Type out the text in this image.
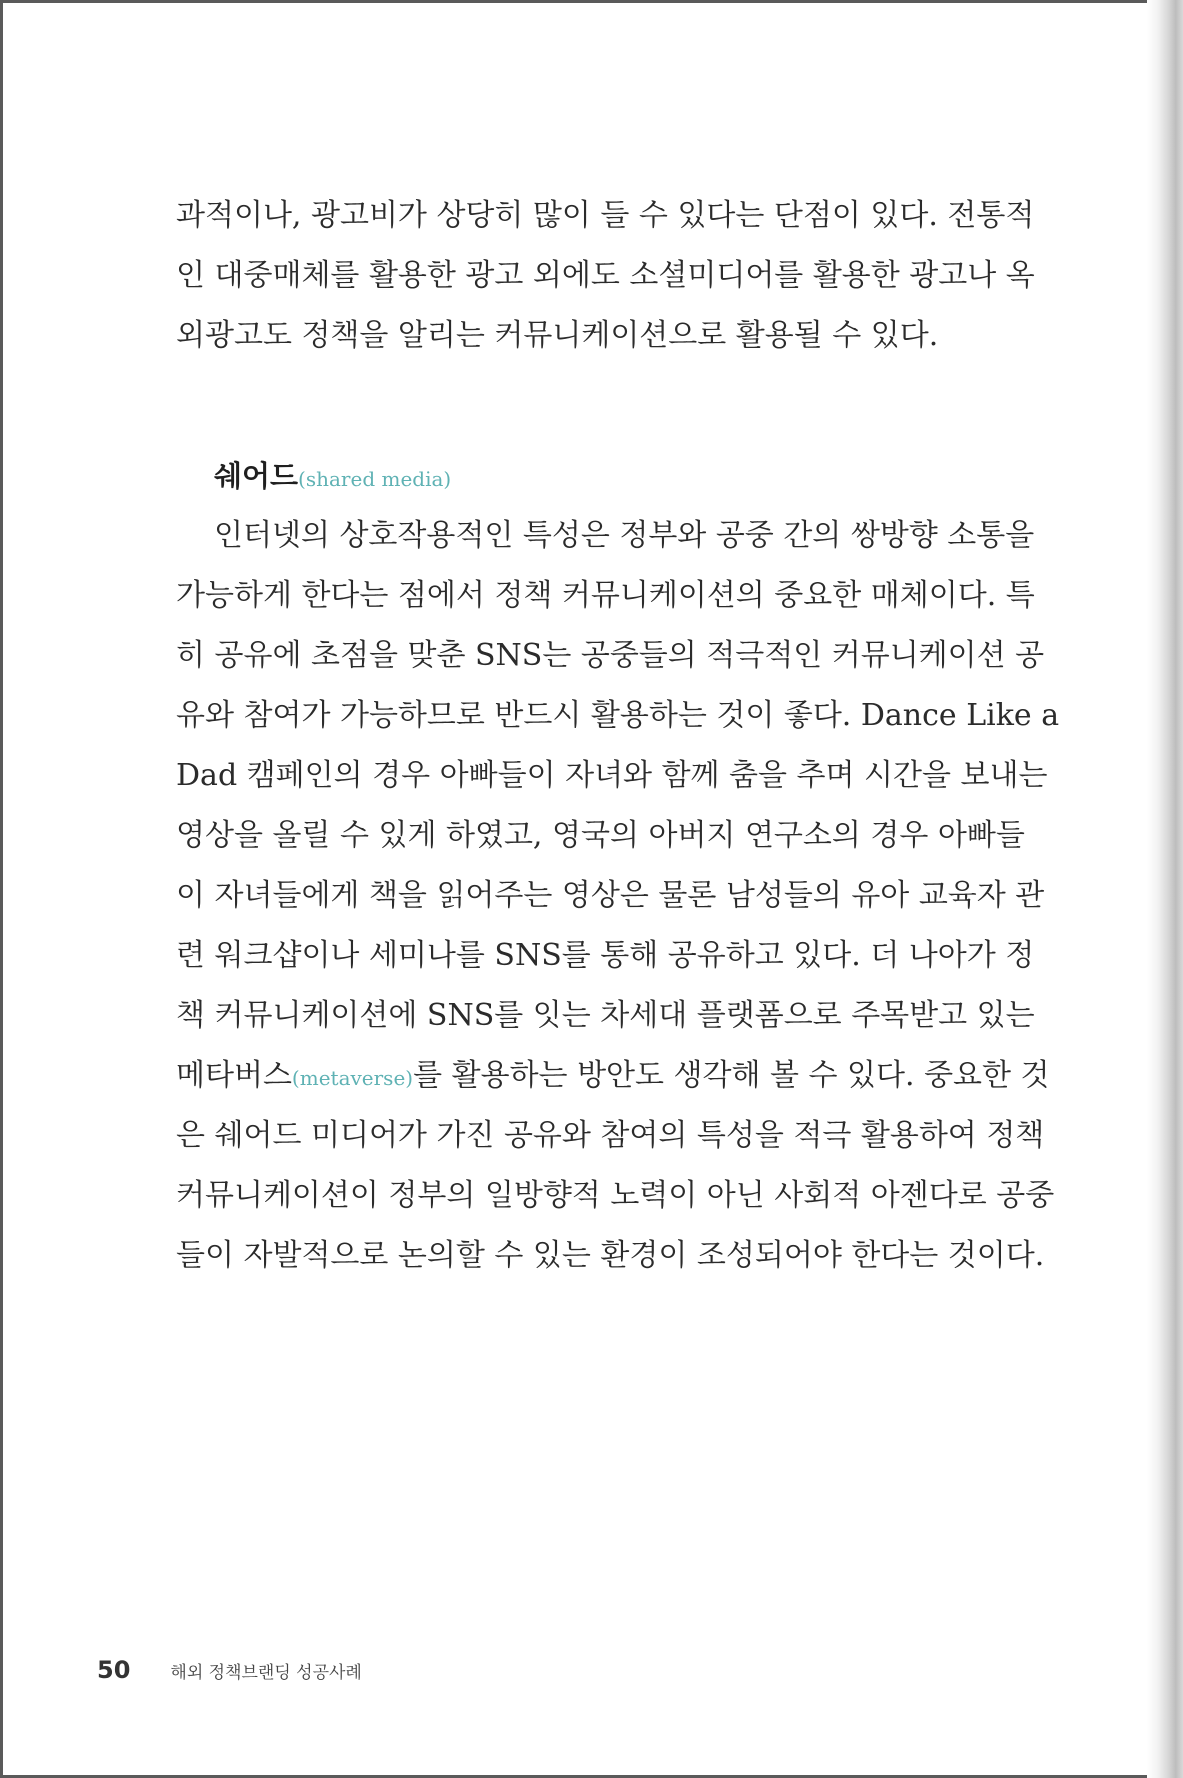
과적이나, 광고비가 상당히 많이 들 수 있다는 단점이 있다. 전통적
인 대중매체를 활용한 광고 외에도 소셜미디어를 활용한 광고나 옥
외광고도 정책을 알리는 커뮤니케이션으로 활용될 수 있다.
쉐어드(shared media)
인터넷의 상호작용적인 특성은 정부와 공중 간의 쌍방향 소통을
가능하게 한다는 점에서 정책 커뮤니케이션의 중요한 매체이다. 특
히 공유에 초점을 맞춘 SNS는 공중들의 적극적인 커뮤니케이션 공
유와 참여가 가능하므로 반드시 활용하는 것이 좋다. Dance Like a
Dad 캠페인의 경우 아빠들이 자녀와 함께 춤을 추며 시간을 보내는
영상을 올릴 수 있게 하였고, 영국의 아버지 연구소의 경우 아빠들
이 자녀들에게 책을 읽어주는 영상은 물론 남성들의 유아 교육자 관
련 워크샵이나 세미나를 SNS를 통해 공유하고 있다. 더 나아가 정
책 커뮤니케이션에 SNS를 잇는 차세대 플랫폼으로 주목받고 있는
메타버스(metaverse)를 활용하는 방안도 생각해 볼 수 있다. 중요한 것
은 쉐어드 미디어가 가진 공유와 참여의 특성을 적극 활용하여 정책
커뮤니케이션이 정부의 일방향적 노력이 아닌 사회적 아젠다로 공중
들이 자발적으로 논의할 수 있는 환경이 조성되어야 한다는 것이다.
50 해외 정책브랜딩 성공사례
